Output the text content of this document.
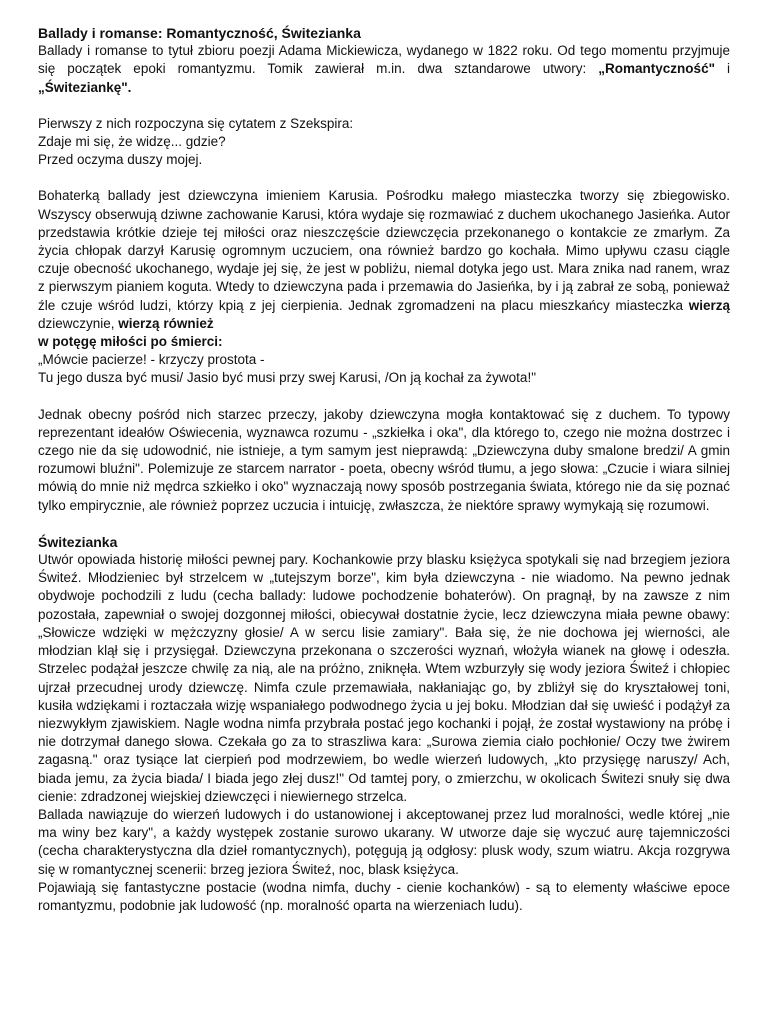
Ballady i romanse: Romantyczność, Świtezianka

Ballady i romanse to tytuł zbioru poezji Adama Mickiewicza, wydanego w 1822 roku. Od tego momentu przyjmuje się początek epoki romantyzmu. Tomik zawierał m.in. dwa sztandarowe utwory: „Romantyczność" i „Świteziankę".

Pierwszy z nich rozpoczyna się cytatem z Szekspira:
Zdaje mi się, że widzę... gdzie?
Przed oczyma duszy mojej.

Bohaterką ballady jest dziewczyna imieniem Karusia. Pośrodku małego miasteczka tworzy się zbiegowisko. Wszyscy obserwują dziwne zachowanie Karusi, która wydaje się rozmawiać z duchem ukochanego Jasieńka. Autor przedstawia krótkie dzieje tej miłości oraz nieszczęście dziewczęcia przekonanego o kontakcie ze zmarłym. Za życia chłopak darzył Karusię ogromnym uczuciem, ona również bardzo go kochała. Mimo upływu czasu ciągle czuje obecność ukochanego, wydaje jej się, że jest w pobliżu, niemal dotyka jego ust. Mara znika nad ranem, wraz z pierwszym pianiem koguta. Wtedy to dziewczyna pada i przemawia do Jasieńka, by i ją zabrał ze sobą, ponieważ źle czuje wśród ludzi, którzy kpią z jej cierpienia. Jednak zgromadzeni na placu mieszkańcy miasteczka wierzą dziewczynie, wierzą również

w potęgę miłości po śmierci:

„Mówcie pacierze! - krzyczy prostota -
Tu jego dusza być musi/ Jasio być musi przy swej Karusi, /On ją kochał za żywota!"

Jednak obecny pośród nich starzec przeczy, jakoby dziewczyna mogła kontaktować się z duchem. To typowy reprezentant ideałów Oświecenia, wyznawca rozumu - „szkiełka i oka", dla którego to, czego nie można dostrzec i czego nie da się udowodnić, nie istnieje, a tym samym jest nieprawdą: „Dziewczyna duby smalone bredzi/ A gmin rozumowi bluźni". Polemizuje ze starcem narrator - poeta, obecny wśród tłumu, a jego słowa: „Czucie i wiara silniej mówią do mnie niż mędrca szkiełko i oko" wyznaczają nowy sposób postrzegania świata, którego nie da się poznać tylko empirycznie, ale również poprzez uczucia i intuicję, zwłaszcza, że niektóre sprawy wymykają się rozumowi.

Świtezianka

Utwór opowiada historię miłości pewnej pary. Kochankowie przy blasku księżyca spotykali się nad brzegiem jeziora Świteź. Młodzieniec był strzelcem w „tutejszym borze", kim była dziewczyna - nie wiadomo. Na pewno jednak obydwoje pochodzili z ludu (cecha ballady: ludowe pochodzenie bohaterów). On pragnął, by na zawsze z nim pozostała, zapewniał o swojej dozgonnej miłości, obiecywał dostatnie życie, lecz dziewczyna miała pewne obawy: „Słowicze wdzięki w mężczyzny głosie/ A w sercu lisie zamiary". Bała się, że nie dochowa jej wierności, ale młodzian klął się i przysięgał. Dziewczyna przekonana o szczerości wyznań, włożyła wianek na głowę i odeszła. Strzelec podążał jeszcze chwilę za nią, ale na próżno, zniknęła. Wtem wzburzyły się wody jeziora Świteź i chłopiec ujrzał przecudnej urody dziewczę. Nimfa czule przemawiała, nakłaniając go, by zbliżył się do kryształowej toni, kusiła wdziękami i roztaczała wizję wspaniałego podwodnego życia u jej boku. Młodzian dał się uwieść i podążył za niezwykłym zjawiskiem. Nagle wodna nimfa przybrała postać jego kochanki i pojął, że został wystawiony na próbę i nie dotrzymał danego słowa. Czekała go za to straszliwa kara: „Surowa ziemia ciało pochłonie/ Oczy twe żwirem zagasną." oraz tysiące lat cierpień pod modrzewiem, bo wedle wierzeń ludowych, „kto przysięgę naruszy/ Ach, biada jemu, za życia biada/ I biada jego złej dusz!" Od tamtej pory, o zmierzchu, w okolicach Świtezi snuły się dwa cienie: zdradzonej wiejskiej dziewczęci i niewiernego strzelca.

Ballada nawiązuje do wierzeń ludowych i do ustanowionej i akceptowanej przez lud moralności, wedle której „nie ma winy bez kary", a każdy występek zostanie surowo ukarany. W utworze daje się wyczuć aurę tajemniczości (cecha charakterystyczna dla dzieł romantycznych), potęgują ją odgłosy: plusk wody, szum wiatru. Akcja rozgrywa się w romantycznej scenerii: brzeg jeziora Świteź, noc, blask księżyca.

Pojawiają się fantastyczne postacie (wodna nimfa, duchy - cienie kochanków) - są to elementy właściwe epoce romantyzmu, podobnie jak ludowość (np. moralność oparta na wierzeniach ludu).
